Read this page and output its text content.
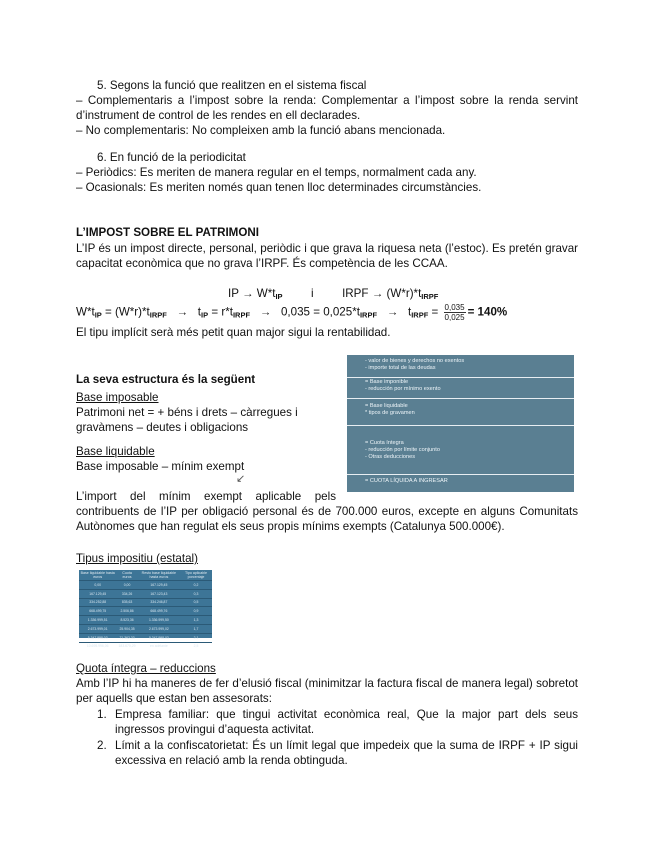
5. Segons la funció que realitzen en el sistema fiscal
– Complementaris a l’impost sobre la renda: Complementar a l’impost sobre la renda servint d’instrument de control de les rendes en ell declarades.
– No complementaris: No compleixen amb la funció abans mencionada.
6. En funció de la periodicitat
– Periòdics: Es meriten de manera regular en el temps, normalment cada any.
– Ocasionals: Es meriten només quan tenen lloc determinades circumstàncies.
L’IMPOST SOBRE EL PATRIMONI
L’IP és un impost directe, personal, periòdic i que grava la riquesa neta (l’estoc). Es pretén gravar capacitat econòmica que no grava l’IRPF. És competència de les CCAA.
IP → $W*t_{IP}$ i IRPF → $(W*r)*t_{IRPF}$
$W*t_{IP} = (W*r)*t_{IRPF} \to t_{IP} = r*t_{IRPF} \to 0,035 = 0,025*t_{IRPF} \to t_{IRPF} = \frac{0,035}{0,025} = 140\%$
El tipu implícit serà més petit quan major sigui la rentabilidad.
La seva estructura és la següent
Base imposable
Patrimoni net = + béns i drets – càrregues i
gravàmens – deutes i obligacions
Base liquidable
Base imposable – mínim exempt
↙
L’import del mínim exempt aplicable pels
contribuents de l’IP per obligació personal és de 700.000 euros, excepte en alguns Comunitats Autònomes que han regulat els seus propis mínims exempts (Catalunya 500.000€).
- valor de bienes y derechos no exentos
- importe total de las deudas
= Base imponible
- reducción por mínimo exento
= Base liquidable
* tipos de gravamen
= Cuota íntegra
- reducción por límite conjunto
- Otras deducciones
= CUOTA LÍQUIDA A INGRESAR
Tipus impositiu (estatal)
Base liquidable hasta euros	Cuota euros	Resto base liquidable hasta euros	Tipo aplicable porcentaje
0,00	0,00	167.129,45	0,2
167.129,45	334,26	167.123,43	0,3
334.252,88	835,63	334.246,87	0,5
668.499,75	2.506,86	668.499,76	0,9
1.336.999,51	8.523,36	1.336.999,50	1,3
2.673.999,01	25.904,35	2.673.999,02	1,7
5.347.998,03	71.362,33	5.347.998,03	2,1
10.695.996,06	183.670,29	en adelante	2,5
Quota íntegra – reduccions
Amb l’IP hi ha maneres de fer d’elusió fiscal (minimitzar la factura fiscal de manera legal) sobretot per aquells que estan ben assesorats:
1. Empresa familiar: que tingui activitat econòmica real, Que la major part dels seus ingressos provingui d’aquesta activitat.
2. Límit a la confiscatorietat: És un límit legal que impedeix que la suma de IRPF + IP sigui excessiva en relació amb la renda obtinguda.
